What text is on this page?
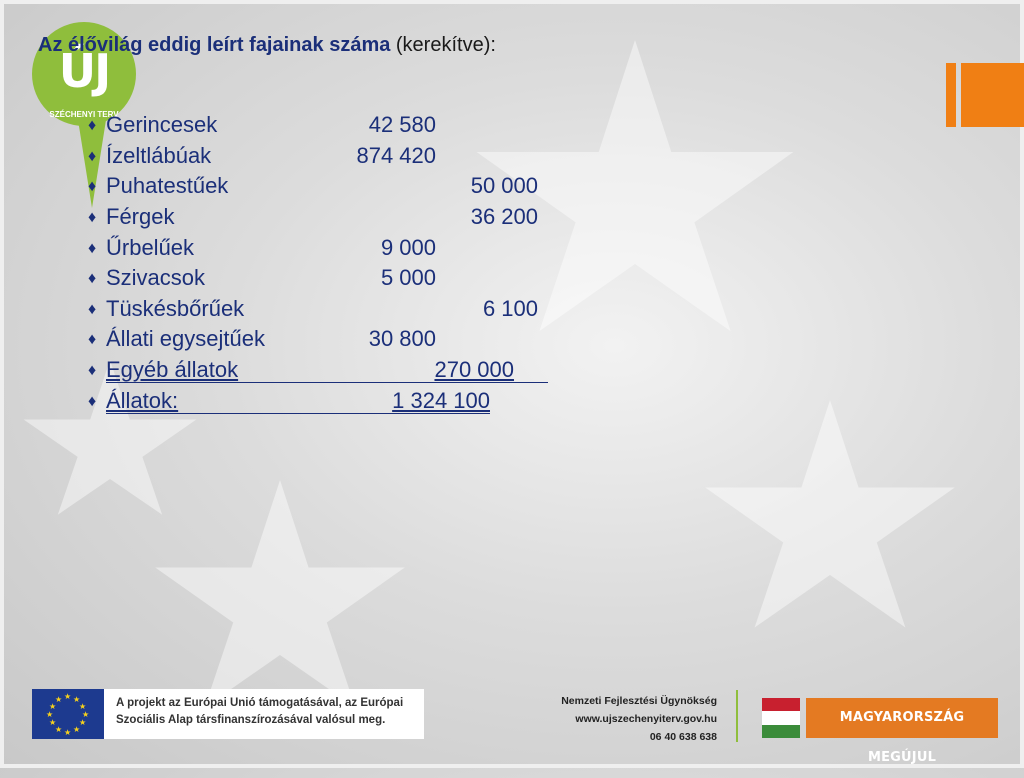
ÚJ
SZÉCHENYI TERV
Az élővilág eddig leírt fajainak száma (kerekítve):
♦ Gerincesek	42 580
♦ Ízeltlábúak	874 420
♦ Puhatestűek	50 000
♦ Férgek	36 200
♦ Űrbelűek	9 000
♦ Szivacsok	5 000
♦ Tüskésbőrűek	6 100
♦ Állati egysejtűek	30 800
♦ Egyéb állatok	270 000
♦ Állatok:	1 324 100
★ ★
★
★
★
★
★
★
★
★
★
★	A projekt az Európai Unió támogatásával, az Európai
Szociális Alap társfinanszírozásával valósul meg.
Nemzeti Fejlesztési Ügynökség
www.ujszechenyiterv.gov.hu
06 40 638 638
MAGYARORSZÁG MEGÚJUL
